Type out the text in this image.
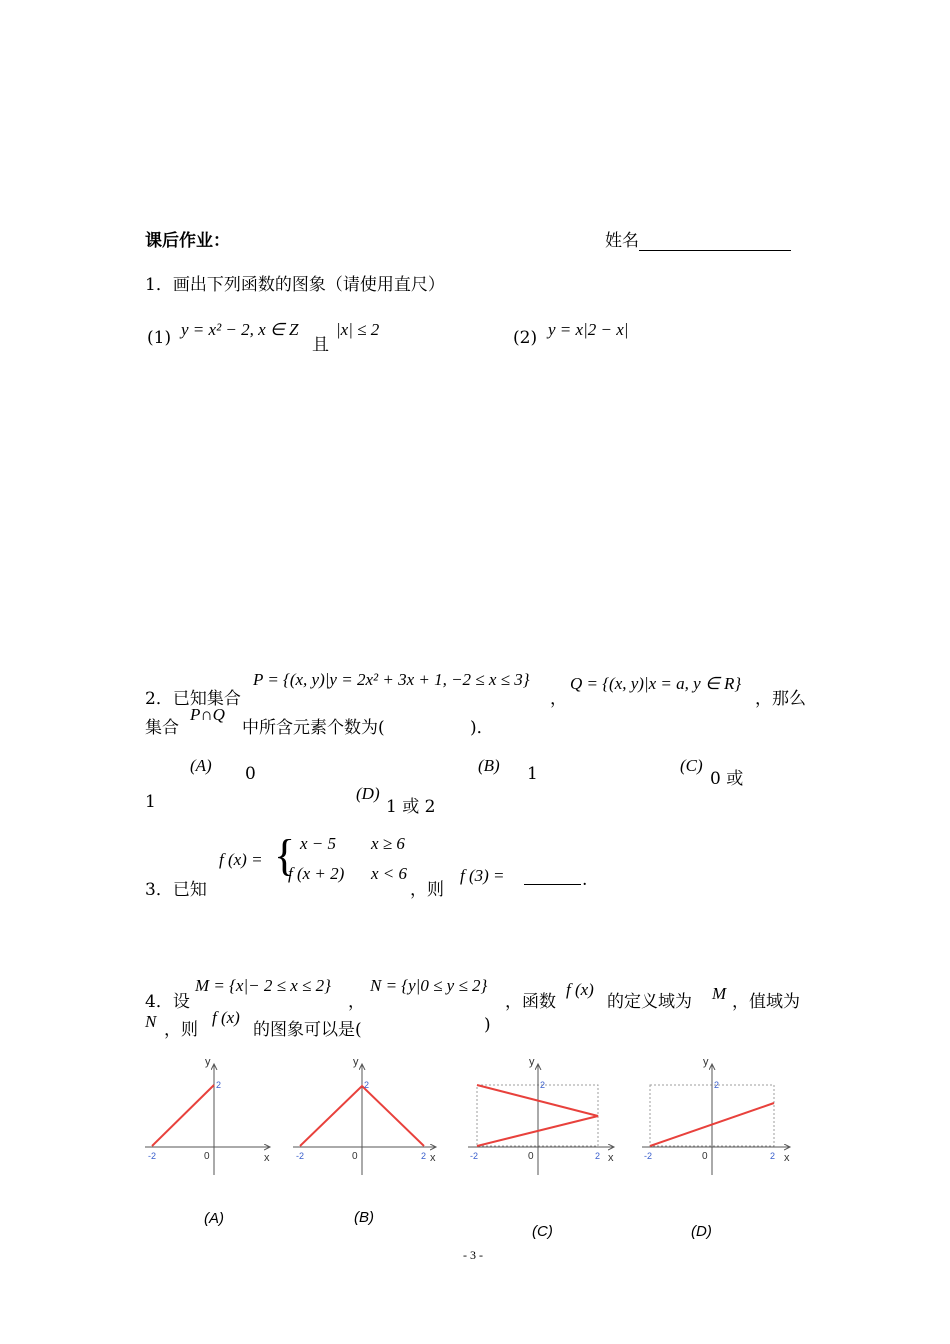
课后作业：	姓名
1．画出下列函数的图象（请使用直尺）
(1) y = x² − 2, x ∈ Z
且
|x| ≤ 2	(2) y = x|2 − x|
2．已知集合
P = {(x, y)|y = 2x² + 3x + 1, −2 ≤ x ≤ 3}
，
Q = {(x, y)|x = a, y ∈ R}
，那么
集合
P∩Q
中所含元素个数为(	)．
(A) 0	(B) 1	(C)
0 或
1	(D)
1 或 2
3．已知
f (x) = { x − 5 x ≥ 6
f (x + 2) x < 6
，则
f (3) =	.
4．设
M = {x|− 2 ≤ x ≤ 2}
，
N = {y|0 ≤ y ≤ 2}
，函数
f (x)
的定义域为 M ，值域为
N ，则
f (x)
的图象可以是(	)
y
x
0
-2
2
(A)
y
x
0
-2	2
2
(B)
y
x
0
-2	2
2
(C)
y
x
0
-2	2
2
(D)
- 3 -
